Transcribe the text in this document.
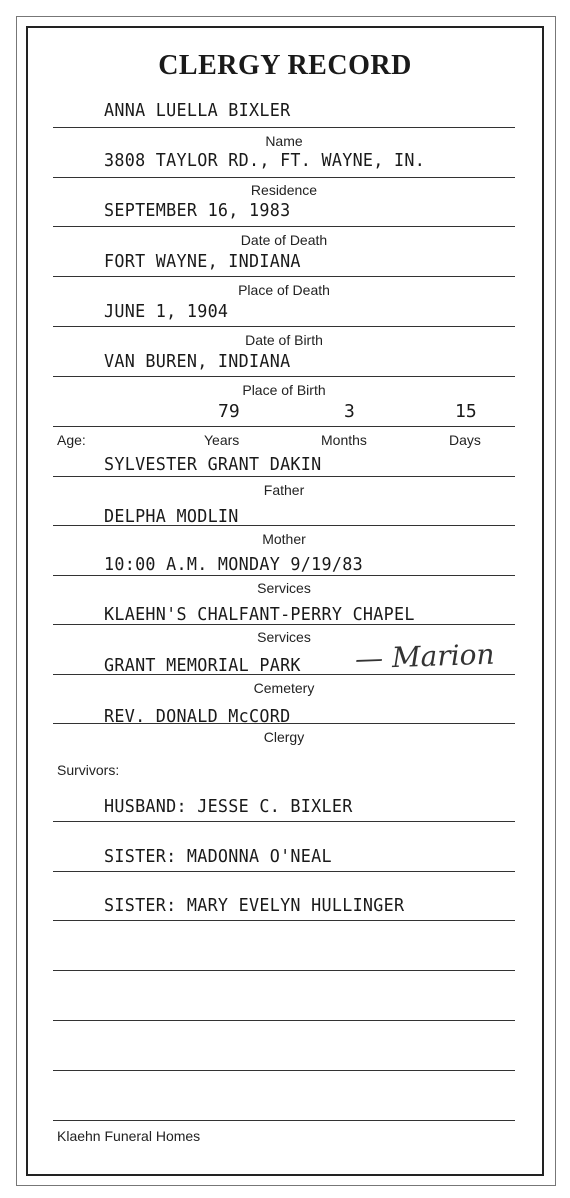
CLERGY RECORD
ANNA LUELLA BIXLER
Name
3808 TAYLOR RD., FT. WAYNE, IN.
Residence
SEPTEMBER 16, 1983
Date of Death
FORT WAYNE, INDIANA
Place of Death
JUNE 1, 1904
Date of Birth
VAN BUREN, INDIANA
Place of Birth
79	3	15
Age:	Years	Months	Days
SYLVESTER GRANT DAKIN
Father
DELPHA MODLIN
Mother
10:00 A.M. MONDAY 9/19/83
Services
KLAEHN'S CHALFANT-PERRY CHAPEL
Services
GRANT MEMORIAL PARK — Marion
Cemetery
REV. DONALD McCORD
Clergy
Survivors:
HUSBAND: JESSE C. BIXLER
SISTER: MADONNA O'NEAL
SISTER: MARY EVELYN HULLINGER
Klaehn Funeral Homes
